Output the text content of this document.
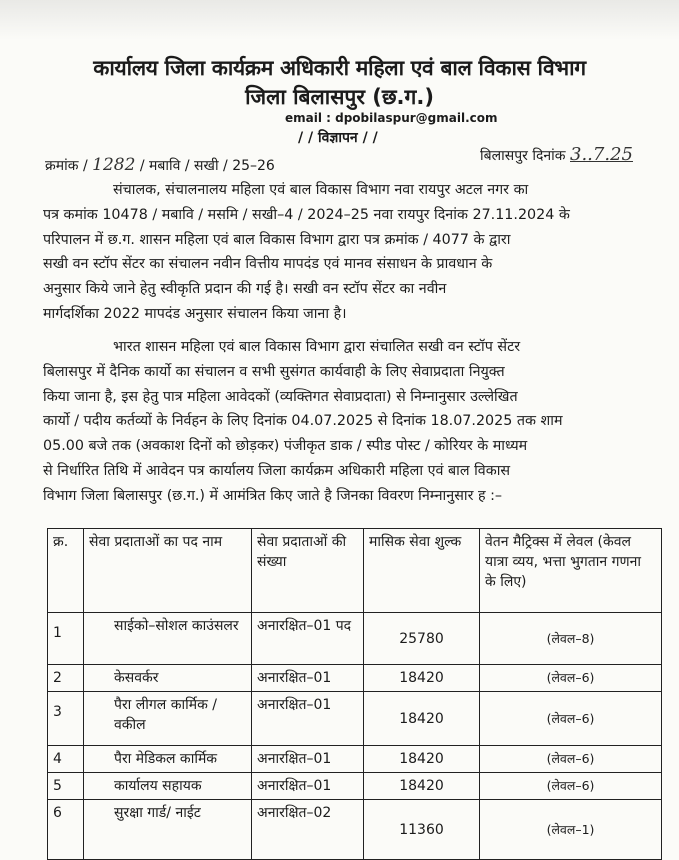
कार्यालय जिला कार्यक्रम अधिकारी महिला एवं बाल विकास विभाग
जिला बिलासपुर (छ.ग.)
email : dpobilaspur@gmail.com
/ / विज्ञापन / /
क्रमांक / 1282 / मबावि / सखी / 25–26
बिलासपुर दिनांक 3..7.25
संचालक, संचालनालय महिला एवं बाल विकास विभाग नवा रायपुर अटल नगर का
पत्र कमांक 10478 / मबावि / मसमि / सखी–4 / 2024–25 नवा रायपुर दिनांक 27.11.2024 के
परिपालन में छ.ग. शासन महिला एवं बाल विकास विभाग द्वारा पत्र क्रमांक / 4077 के द्वारा
सखी वन स्टॉप सेंटर का संचालन नवीन वित्तीय मापदंड एवं मानव संसाधन के प्रावधान के
अनुसार किये जाने हेतु स्वीकृति प्रदान की गई है। सखी वन स्टॉप सेंटर का नवीन
मार्गदर्शिका 2022 मापदंड अनुसार संचालन किया जाना है।
भारत शासन महिला एवं बाल विकास विभाग द्वारा संचालित सखी वन स्टॉप सेंटर
बिलासपुर में दैनिक कार्यो का संचालन व सभी सुसंगत कार्यवाही के लिए सेवाप्रदाता नियुक्त
किया जाना है, इस हेतु पात्र महिला आवेदकों (व्यक्तिगत सेवाप्रदाता) से निम्नानुसार उल्लेखित
कार्यो / पदीय कर्तव्यों के निर्वहन के लिए दिनांक 04.07.2025 से दिनांक 18.07.2025 तक शाम
05.00 बजे तक (अवकाश दिनों को छोड़कर) पंजीकृत डाक / स्पीड पोस्ट / कोरियर के माध्यम
से निर्धारित तिथि में आवेदन पत्र कार्यालय जिला कार्यक्रम अधिकारी महिला एवं बाल विकास
विभाग जिला बिलासपुर (छ.ग.) में आमंत्रित किए जाते है जिनका विवरण निम्नानुसार ह :–
क्र.	सेवा प्रदाताओं का पद नाम	सेवा प्रदाताओं की संख्या	मासिक सेवा शुल्क	वेतन मैट्रिक्स में लेवल (केवल यात्रा व्यय, भत्ता भुगतान गणना के लिए)
1	साईको–सोशल काउंसलर	अनारक्षित–01 पद	25780	(लेवल–8)
2	केसवर्कर	अनारक्षित–01	18420	(लेवल–6)
3	पैरा लीगल कार्मिक / वकील	अनारक्षित–01	18420	(लेवल–6)
4	पैरा मेडिकल कार्मिक	अनारक्षित–01	18420	(लेवल–6)
5	कार्यालय सहायक	अनारक्षित–01	18420	(लेवल–6)
6	सुरक्षा गार्ड/ नाईट	अनारक्षित–02	11360	(लेवल–1)
